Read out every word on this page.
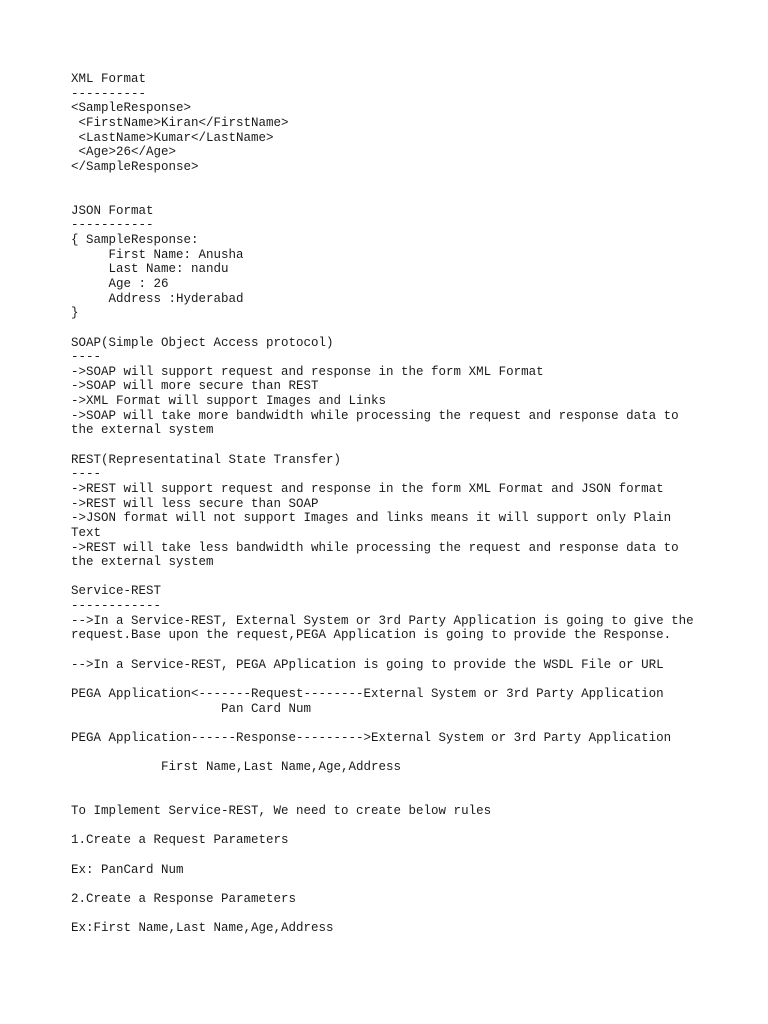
XML Format
----------
<SampleResponse>
<FirstName>Kiran</FirstName>
<LastName>Kumar</LastName>
<Age>26</Age>
</SampleResponse>
JSON Format
-----------
{ SampleResponse:
First Name: Anusha
Last Name: nandu
Age : 26
Address :Hyderabad
}
SOAP(Simple Object Access protocol)
----
->SOAP will support request and response in the form XML Format
->SOAP will more secure than REST
->XML Format will support Images and Links
->SOAP will take more bandwidth while processing the request and response data to
the external system
REST(Representatinal State Transfer)
----
->REST will support request and response in the form XML Format and JSON format
->REST will less secure than SOAP
->JSON format will not support Images and links means it will support only Plain
Text
->REST will take less bandwidth while processing the request and response data to
the external system
Service-REST
------------
-->In a Service-REST, External System or 3rd Party Application is going to give the
request.Base upon the request,PEGA Application is going to provide the Response.
-->In a Service-REST, PEGA APplication is going to provide the WSDL File or URL
PEGA Application<-------Request--------External System or 3rd Party Application
Pan Card Num
PEGA Application------Response--------->External System or 3rd Party Application
First Name,Last Name,Age,Address
To Implement Service-REST, We need to create below rules
1.Create a Request Parameters
Ex: PanCard Num
2.Create a Response Parameters
Ex:First Name,Last Name,Age,Address
